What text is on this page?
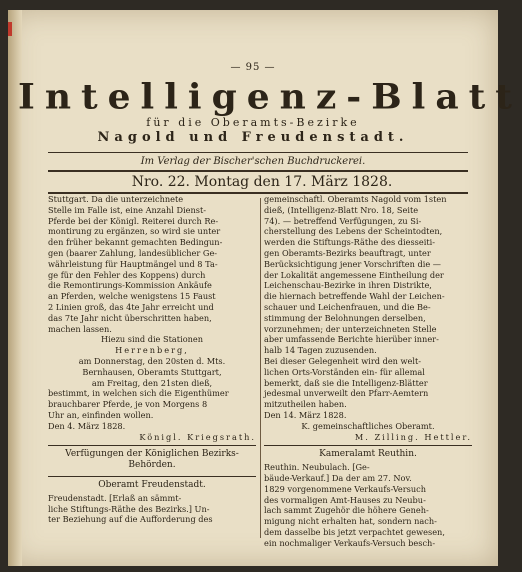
— 95 —
Intelligenz-Blatt
für die Oberamts-Bezirke
Nagold und Freudenstadt.
Im Verlag der Bischer'schen Buchdruckerei.
Nro. 22. Montag den 17. März 1828.

Stuttgart. Da die unterzeichnete

Stelle im Falle ist, eine Anzahl Dienst-

Pferde bei der Königl. Reiterei durch Re-

montirung zu ergänzen, so wird sie unter

den früher bekannt gemachten Bedingun-

gen (baarer Zahlung, landesüblicher Ge-

währleistung für Hauptmängel und 8 Ta-

ge für den Fehler des Koppens) durch

die Remontirungs-Kommission Ankäufe

an Pferden, welche wenigstens 15 Faust

2 Linien groß, das 4te Jahr erreicht und

das 7te Jahr nicht überschritten haben,

machen lassen.

Hiezu sind die Stationen

Herrenberg,

am Donnerstag, den 20sten d. Mts.

Bernhausen, Oberamts Stuttgart,

am Freitag, den 21sten dieß,

bestimmt, in welchen sich die Eigenthümer

brauchbarer Pferde, je von Morgens 8

Uhr an, einfinden wollen.

Den 4. März 1828.

Königl. Kriegsrath.

Verfügungen der Königlichen Bezirks-Behörden.

Oberamt Freudenstadt.

Freudenstadt. [Erlaß an sämmt-

liche Stiftungs-Räthe des Bezirks.] Un-

ter Beziehung auf die Aufforderung des

gemeinschaftl. Oberamts Nagold vom 1sten

dieß, (Intelligenz-Blatt Nro. 18, Seite

74). — betreffend Verfügungen, zu Si-

cherstellung des Lebens der Scheintodten,

werden die Stiftungs-Räthe des diesseiti-

gen Oberamts-Bezirks beauftragt, unter

Berücksichtigung jener Vorschriften die —

der Lokalität angemessene Eintheilung der

Leichenschau-Bezirke in ihren Distrikte,

die hiernach betreffende Wahl der Leichen-

schauer und Leichenfrauen, und die Be-

stimmung der Belohnungen derselben,

vorzunehmen; der unterzeichneten Stelle

aber umfassende Berichte hierüber inner-

halb 14 Tagen zuzusenden.

Bei dieser Gelegenheit wird den welt-

lichen Orts-Vorständen ein- für allemal

bemerkt, daß sie die Intelligenz-Blätter

jedesmal unverweilt den Pfarr-Aemtern

mitzutheilen haben.

Den 14. März 1828.

K. gemeinschaftliches Oberamt.

M. Zilling. Hettler.

Kameralamt Reuthin.

Reuthin. Neubulach. [Ge-

bäude-Verkauf.] Da der am 27. Nov.

1829 vorgenommene Verkaufs-Versuch

des vormaligen Amt-Hauses zu Neubu-

lach sammt Zugehör die höhere Geneh-

migung nicht erhalten hat, sondern nach-

dem dasselbe bis jetzt verpachtet gewesen,

ein nochmaliger Verkaufs-Versuch besch-
